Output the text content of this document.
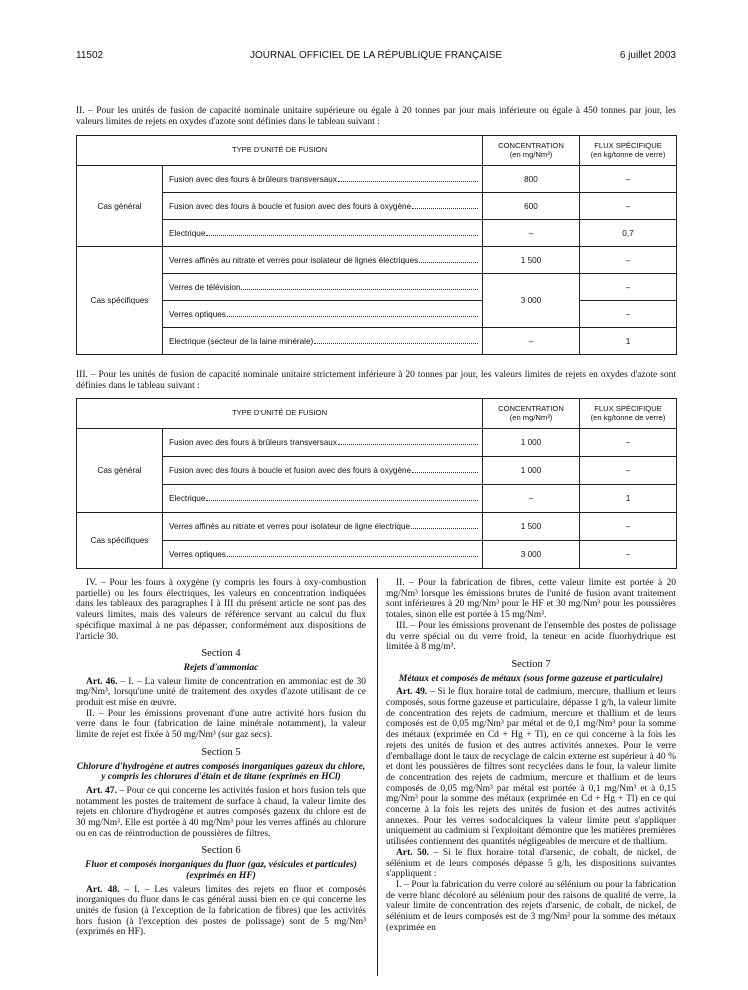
11502	JOURNAL OFFICIEL DE LA RÉPUBLIQUE FRANÇAISE	6 juillet 2003
II. – Pour les unités de fusion de capacité nominale unitaire supérieure ou égale à 20 tonnes par jour mais inférieure ou égale à 450 tonnes par jour, les valeurs limites de rejets en oxydes d'azote sont définies dans le tableau suivant :
TYPE D'UNITÉ DE FUSION		CONCENTRATION
(en mg/Nm³)	FLUX SPÉCIFIQUE
(en kg/tonne de verre)
Cas général	Fusion avec des fours à brûleurs transversaux	800	–

	Fusion avec des fours à boucle et fusion avec des fours à oxygène	600	–

	Electrique	–	0,7
Cas spécifiques	Verres affinés au nitrate et verres pour isolateur de lignes électriques	1 500	–

	Verres de télévision	3 000	–

	Verres optiques		–

	Electrique (secteur de la laine minérale)	–	1
III. – Pour les unités de fusion de capacité nominale unitaire strictement inférieure à 20 tonnes par jour, les valeurs limites de rejets en oxydes d'azote sont définies dans le tableau suivant :
TYPE D'UNITÉ DE FUSION		CONCENTRATION
(en mg/Nm³)	FLUX SPÉCIFIQUE
(en kg/tonne de verre)
Cas général	Fusion avec des fours à brûleurs transversaux	1 000	–

	Fusion avec des fours à boucle et fusion avec des fours à oxygène	1 000	–

	Electrique	–	1
Cas spécifiques	Verres affinés au nitrate et verres pour isolateur de ligne électrique	1 500	–

	Verres optiques	3 000	–

IV. – Pour les fours à oxygène (y compris les fours à oxy-combustion partielle) ou les fours électriques, les valeurs en concentration indiquées dans les tableaux des paragraphes I à III du présent article ne sont pas des valeurs limites, mais des valeurs de référence servant au calcul du flux spécifique maximal à ne pas dépasser, conformément aux dispositions de l'article 30.

Section 4

Rejets d'ammoniac

Art. 46. – I. – La valeur limite de concentration en ammoniac est de 30 mg/Nm³, lorsqu'une unité de traitement des oxydes d'azote utilisant de ce produit est mise en œuvre.

II. – Pour les émissions provenant d'une autre activité hors fusion du verre dans le four (fabrication de laine minérale notamment), la valeur limite de rejet est fixée à 50 mg/Nm³ (sur gaz secs).

Section 5

Chlorure d'hydrogène et autres composés inorganiques gazeux du chlore, y compris les chlorures d'étain et de titane (exprimés en HCl)

Art. 47. – Pour ce qui concerne les activités fusion et hors fusion tels que notamment les postes de traitement de surface à chaud, la valeur limite des rejets en chlorure d'hydrogène et autres composés gazeux du chlore est de 30 mg/Nm³. Elle est portée à 40 mg/Nm³ pour les verres affinés au chlorure ou en cas de réintroduction de poussières de filtres.

Section 6

Fluor et composés inorganiques du fluor (gaz, vésicules et particules) (exprimés en HF)

Art. 48. – I. – Les valeurs limites des rejets en fluor et composés inorganiques du fluor dans le cas général aussi bien en ce qui concerne les unités de fusion (à l'exception de la fabrication de fibres) que les activités hors fusion (à l'exception des postes de polissage) sont de 5 mg/Nm³ (exprimés en HF).

II. – Pour la fabrication de fibres, cette valeur limite est portée à 20 mg/Nm³ lorsque les émissions brutes de l'unité de fusion avant traitement sont inférieures à 20 mg/Nm³ pour le HF et 30 mg/Nm³ pour les poussières totales, sinon elle est portée à 15 mg/Nm³.

III. – Pour les émissions provenant de l'ensemble des postes de polissage du verre spécial ou du verre froid, la teneur en acide fluorhydrique est limitée à 8 mg/m³.

Section 7

Métaux et composés de métaux (sous forme gazeuse et particulaire)

Art. 49. – Si le flux horaire total de cadmium, mercure, thallium et leurs composés, sous forme gazeuse et particulaire, dépasse 1 g/h, la valeur limite de concentration des rejets de cadmium, mercure et thallium et de leurs composés est de 0,05 mg/Nm³ par métal et de 0,1 mg/Nm³ pour la somme des métaux (exprimée en Cd + Hg + Tl), en ce qui concerne à la fois les rejets des unités de fusion et des autres activités annexes. Pour le verre d'emballage dont le taux de recyclage de calcin externe est supérieur à 40 % et dont les poussières de filtres sont recyclées dans le four, la valeur limite de concentration des rejets de cadmium, mercure et thallium et de leurs composés de 0,05 mg/Nm³ par métal est portée à 0,1 mg/Nm³ et à 0,15 mg/Nm³ pour la somme des métaux (exprimée en Cd + Hg + Tl) en ce qui concerne à la fois les rejets des unités de fusion et des autres activités annexes. Pour les verres sodocalciques la valeur limite peut s'appliquer uniquement au cadmium si l'exploitant démontre que les matières premières utilisées contiennent des quantités négligeables de mercure et de thallium.

Art. 50. – Si le flux horaire total d'arsenic, de cobalt, de nickel, de sélénium et de leurs composés dépasse 5 g/h, les dispositions suivantes s'appliquent :

I. – Pour la fabrication du verre coloré au sélénium ou pour la fabrication de verre blanc décoloré au sélénium pour des raisons de qualité de verre, la valeur limite de concentration des rejets d'arsenic, de cobalt, de nickel, de sélénium et de leurs composés est de 3 mg/Nm³ pour la somme des métaux (exprimée en
